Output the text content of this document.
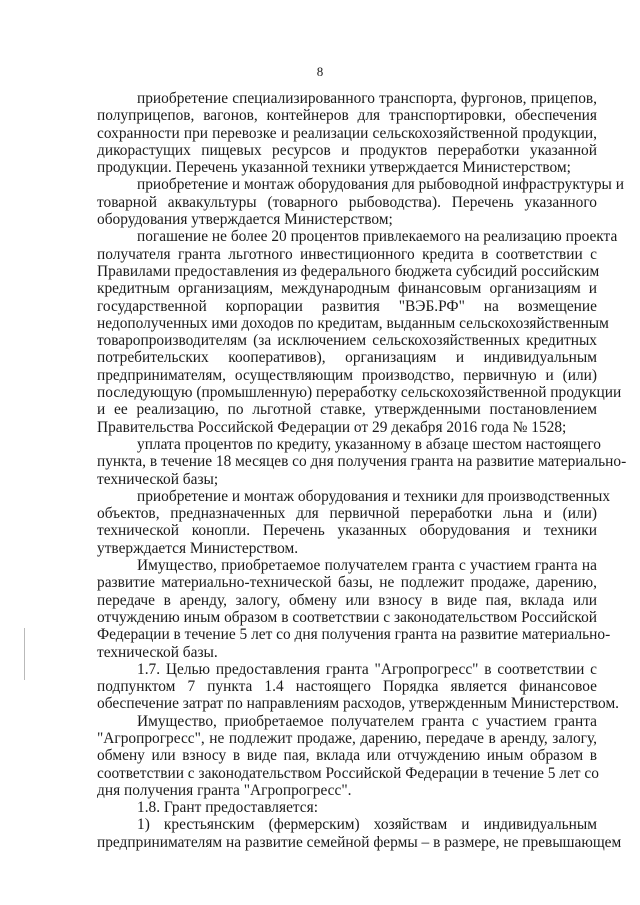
8
приобретение специализированного транспорта, фургонов, прицепов,
полуприцепов, вагонов, контейнеров для транспортировки, обеспечения
сохранности при перевозке и реализации сельскохозяйственной продукции,
дикорастущих пищевых ресурсов и продуктов переработки указанной
продукции. Перечень указанной техники утверждается Министерством;
приобретение и монтаж оборудования для рыбоводной инфраструктуры и
товарной аквакультуры (товарного рыбоводства). Перечень указанного
оборудования утверждается Министерством;
погашение не более 20 процентов привлекаемого на реализацию проекта
получателя гранта льготного инвестиционного кредита в соответствии с
Правилами предоставления из федерального бюджета субсидий российским
кредитным организациям, международным финансовым организациям и
государственной корпорации развития "ВЭБ.РФ" на возмещение
недополученных ими доходов по кредитам, выданным сельскохозяйственным
товаропроизводителям (за исключением сельскохозяйственных кредитных
потребительских кооперативов), организациям и индивидуальным
предпринимателям, осуществляющим производство, первичную и (или)
последующую (промышленную) переработку сельскохозяйственной продукции
и ее реализацию, по льготной ставке, утвержденными постановлением
Правительства Российской Федерации от 29 декабря 2016 года № 1528;
уплата процентов по кредиту, указанному в абзаце шестом настоящего
пункта, в течение 18 месяцев со дня получения гранта на развитие материально-
технической базы;
приобретение и монтаж оборудования и техники для производственных
объектов, предназначенных для первичной переработки льна и (или)
технической конопли. Перечень указанных оборудования и техники
утверждается Министерством.
Имущество, приобретаемое получателем гранта с участием гранта на
развитие материально-технической базы, не подлежит продаже, дарению,
передаче в аренду, залогу, обмену или взносу в виде пая, вклада или
отчуждению иным образом в соответствии с законодательством Российской
Федерации в течение 5 лет со дня получения гранта на развитие материально-
технической базы.
1.7. Целью предоставления гранта "Агропрогресс" в соответствии с
подпунктом 7 пункта 1.4 настоящего Порядка является финансовое
обеспечение затрат по направлениям расходов, утвержденным Министерством.
Имущество, приобретаемое получателем гранта с участием гранта
"Агропрогресс", не подлежит продаже, дарению, передаче в аренду, залогу,
обмену или взносу в виде пая, вклада или отчуждению иным образом в
соответствии с законодательством Российской Федерации в течение 5 лет со
дня получения гранта "Агропрогресс".
1.8. Грант предоставляется:
1) крестьянским (фермерским) хозяйствам и индивидуальным
предпринимателям на развитие семейной фермы – в размере, не превышающем
